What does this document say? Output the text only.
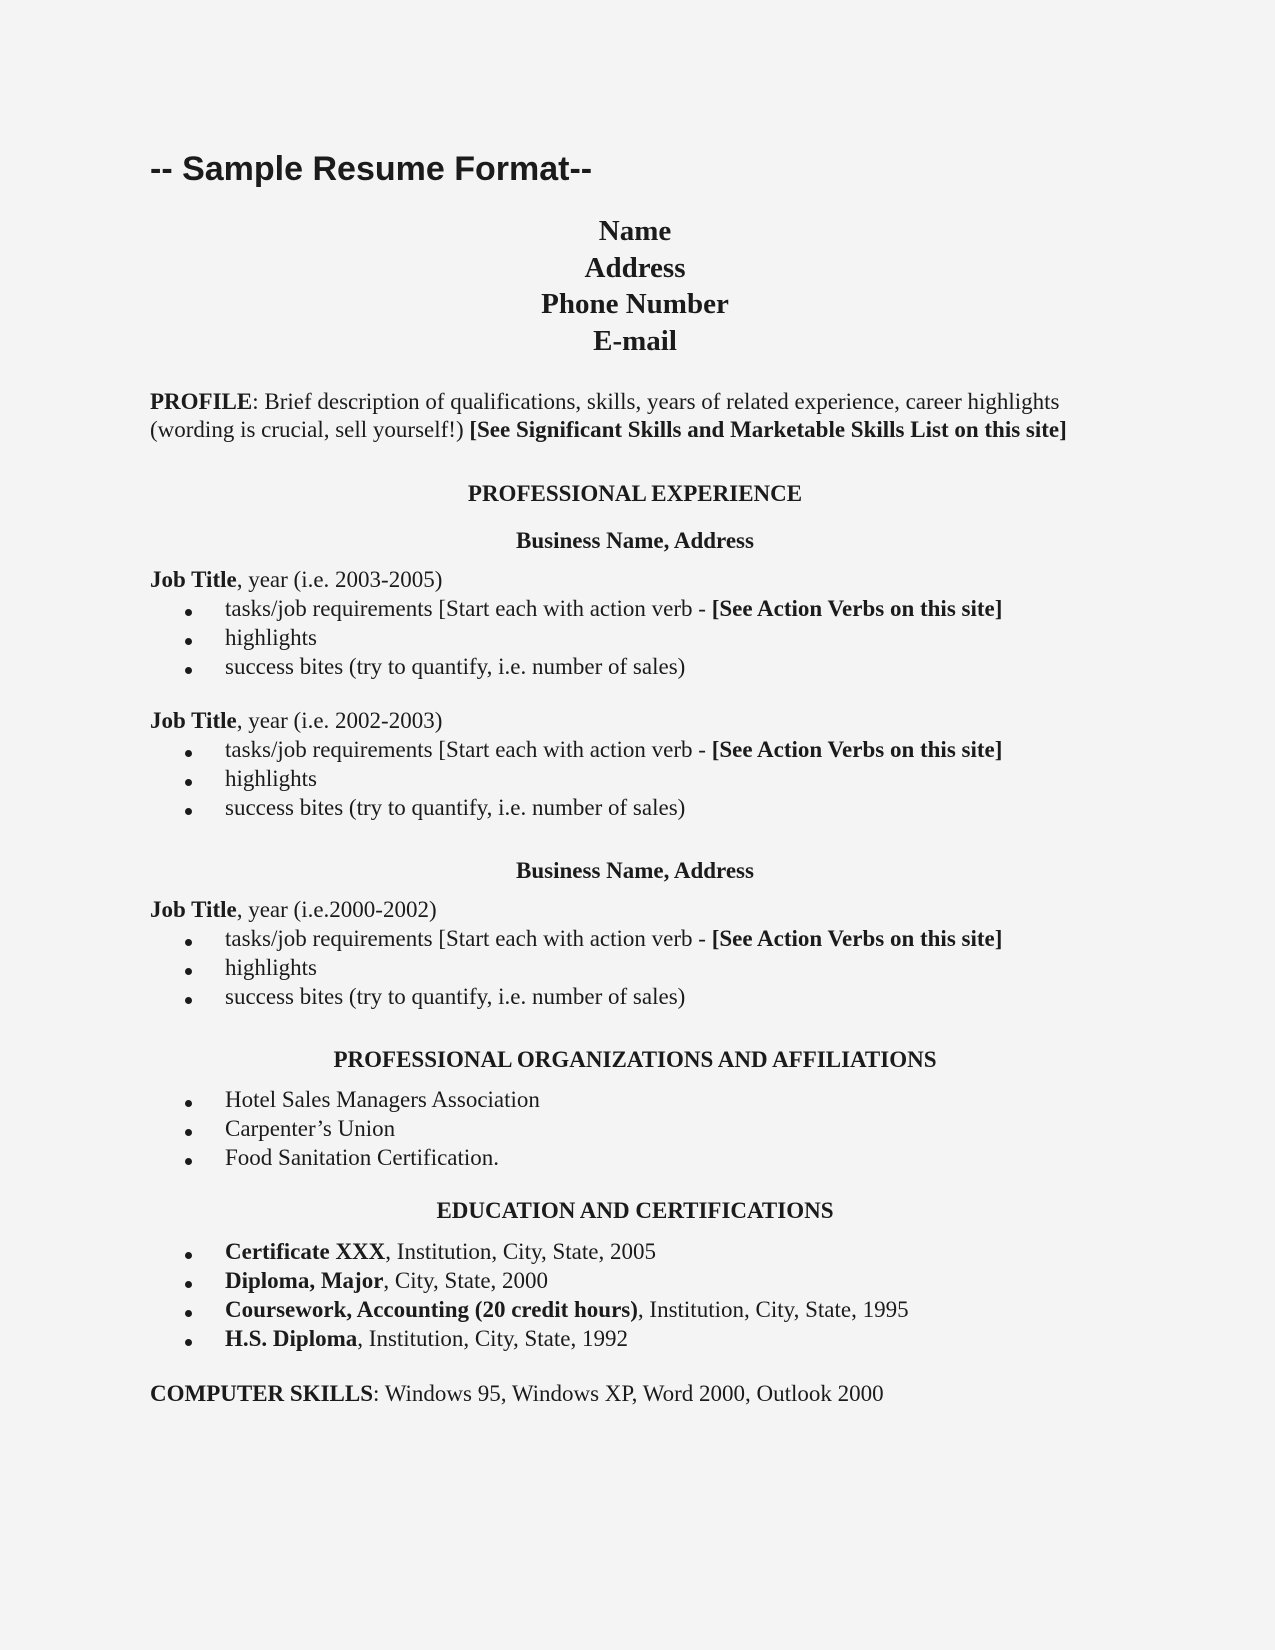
-- Sample Resume Format--
Name
Address
Phone Number
E-mail
PROFILE: Brief description of qualifications, skills, years of related experience, career highlights (wording is crucial, sell yourself!) [See Significant Skills and Marketable Skills List on this site]
PROFESSIONAL EXPERIENCE
Business Name, Address
Job Title, year (i.e. 2003-2005)
tasks/job requirements [Start each with action verb - [See Action Verbs on this site]
highlights
success bites (try to quantify, i.e. number of sales)
Job Title, year (i.e. 2002-2003)
tasks/job requirements [Start each with action verb - [See Action Verbs on this site]
highlights
success bites (try to quantify, i.e. number of sales)
Business Name, Address
Job Title, year (i.e.2000-2002)
tasks/job requirements [Start each with action verb - [See Action Verbs on this site]
highlights
success bites (try to quantify, i.e. number of sales)
PROFESSIONAL ORGANIZATIONS AND AFFILIATIONS
Hotel Sales Managers Association
Carpenter’s Union
Food Sanitation Certification.
EDUCATION AND CERTIFICATIONS
Certificate XXX, Institution, City, State, 2005
Diploma, Major, City, State, 2000
Coursework, Accounting (20 credit hours), Institution, City, State, 1995
H.S. Diploma, Institution, City, State, 1992
COMPUTER SKILLS: Windows 95, Windows XP, Word 2000, Outlook 2000
